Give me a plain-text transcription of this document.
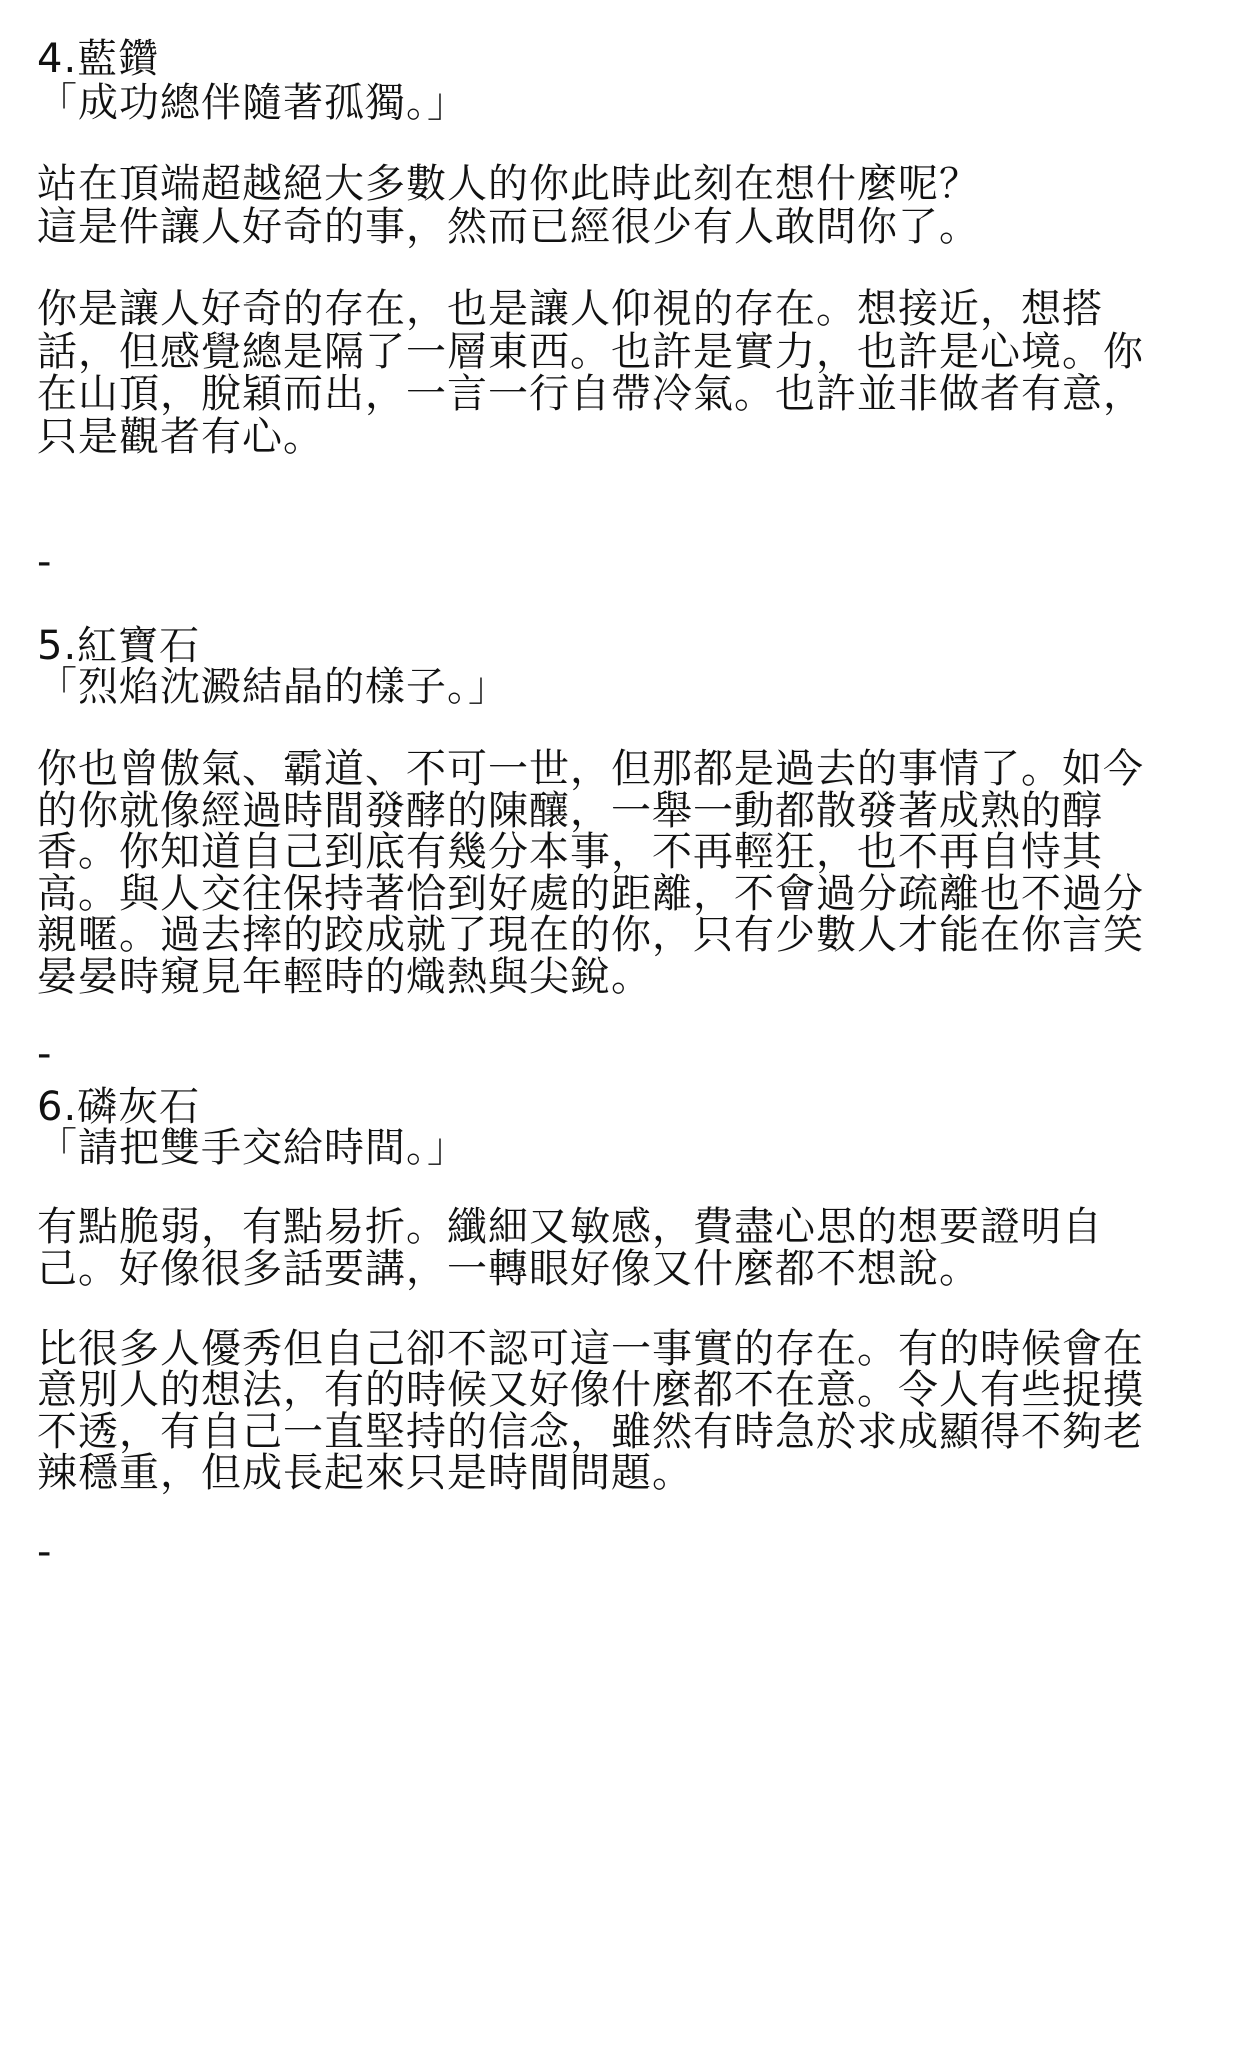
4.藍鑽
「成功總伴隨著孤獨。」
站在頂端超越絕大多數人的你此時此刻在想什麼呢？
這是件讓人好奇的事，然而已經很少有人敢問你了。
你是讓人好奇的存在，也是讓人仰視的存在。想接近，想搭
話，但感覺總是隔了一層東西。也許是實力，也許是心境。你
在山頂，脫穎而出，一言一行自帶冷氣。也許並非做者有意，
只是觀者有心。
-
5.紅寶石
「烈焰沈澱結晶的樣子。」
你也曾傲氣、霸道、不可一世，但那都是過去的事情了。如今
的你就像經過時間發酵的陳釀，一舉一動都散發著成熟的醇
香。你知道自己到底有幾分本事，不再輕狂，也不再自恃其
高。與人交往保持著恰到好處的距離，不會過分疏離也不過分
親暱。過去摔的跤成就了現在的你，只有少數人才能在你言笑
晏晏時窺見年輕時的熾熱與尖銳。
-
6.磷灰石
「請把雙手交給時間。」
有點脆弱，有點易折。纖細又敏感，費盡心思的想要證明自
己。好像很多話要講，一轉眼好像又什麼都不想說。
比很多人優秀但自己卻不認可這一事實的存在。有的時候會在
意別人的想法，有的時候又好像什麼都不在意。令人有些捉摸
不透，有自己一直堅持的信念，雖然有時急於求成顯得不夠老
辣穩重，但成長起來只是時間問題。
-
